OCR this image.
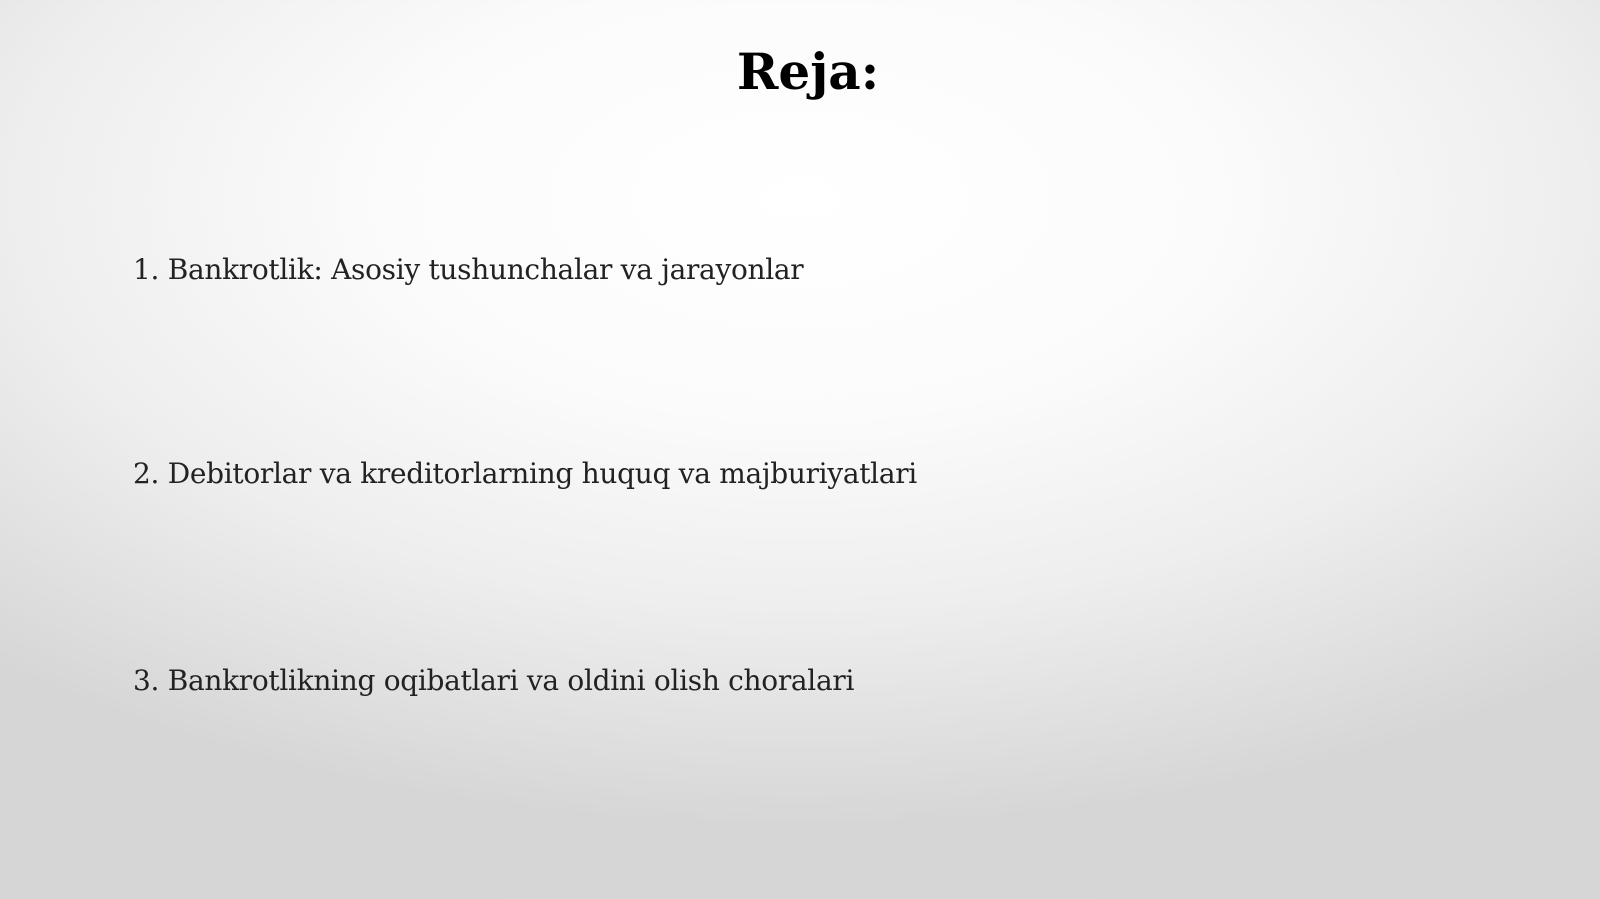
Reja:

1. Bankrotlik: Asosiy tushunchalar va jarayonlar

2. Debitorlar va kreditorlarning huquq va majburiyatlari

3. Bankrotlikning oqibatlari va oldini olish choralari
